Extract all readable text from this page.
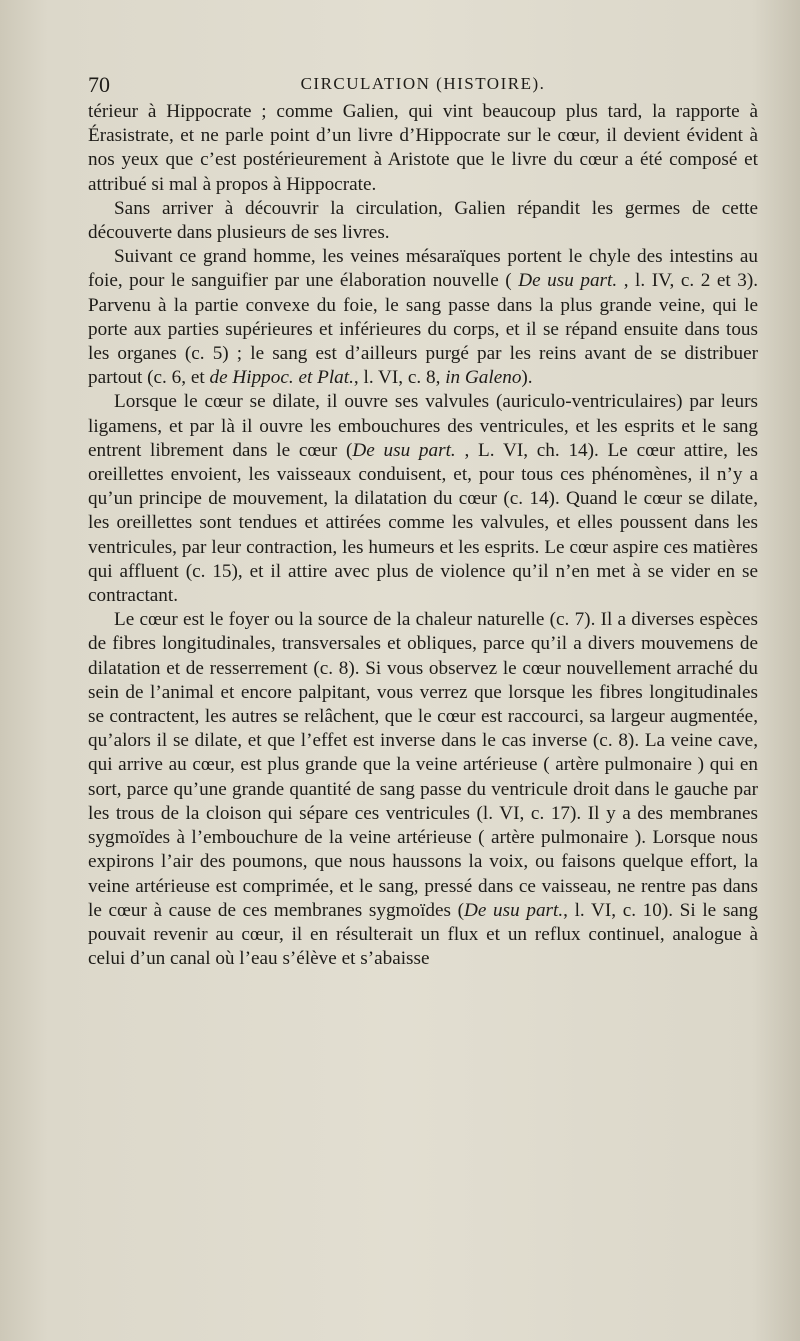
70	CIRCULATION (HISTOIRE).

térieur à Hippocrate ; comme Galien, qui vint beaucoup plus tard, la rapporte à Érasistrate, et ne parle point d’un livre d’Hippocrate sur le cœur, il devient évident à nos yeux que c’est postérieurement à Aristote que le livre du cœur a été composé et attribué si mal à propos à Hippocrate.

Sans arriver à découvrir la circulation, Galien répandit les germes de cette découverte dans plusieurs de ses livres.

Suivant ce grand homme, les veines mésaraïques portent le chyle des intestins au foie, pour le sanguifier par une élaboration nouvelle ( De usu part. , l. IV, c. 2 et 3). Parvenu à la partie convexe du foie, le sang passe dans la plus grande veine, qui le porte aux parties supérieures et inférieures du corps, et il se répand ensuite dans tous les organes (c. 5) ; le sang est d’ailleurs purgé par les reins avant de se distribuer partout (c. 6, et de Hippoc. et Plat., l. VI, c. 8, in Galeno).

Lorsque le cœur se dilate, il ouvre ses valvules (auriculo-ventriculaires) par leurs ligamens, et par là il ouvre les embouchures des ventricules, et les esprits et le sang entrent librement dans le cœur (De usu part. , L. VI, ch. 14). Le cœur attire, les oreillettes envoient, les vaisseaux conduisent, et, pour tous ces phénomènes, il n’y a qu’un principe de mouvement, la dilatation du cœur (c. 14). Quand le cœur se dilate, les oreillettes sont tendues et attirées comme les valvules, et elles poussent dans les ventricules, par leur contraction, les humeurs et les esprits. Le cœur aspire ces matières qui affluent (c. 15), et il attire avec plus de violence qu’il n’en met à se vider en se contractant.

Le cœur est le foyer ou la source de la chaleur naturelle (c. 7). Il a diverses espèces de fibres longitudinales, transversales et obliques, parce qu’il a divers mouvemens de dilatation et de resserrement (c. 8). Si vous observez le cœur nouvellement arraché du sein de l’animal et encore palpitant, vous verrez que lorsque les fibres longitudinales se contractent, les autres se relâchent, que le cœur est raccourci, sa largeur augmentée, qu’alors il se dilate, et que l’effet est inverse dans le cas inverse (c. 8). La veine cave, qui arrive au cœur, est plus grande que la veine artérieuse ( artère pulmonaire ) qui en sort, parce qu’une grande quantité de sang passe du ventricule droit dans le gauche par les trous de la cloison qui sépare ces ventricules (l. VI, c. 17). Il y a des membranes sygmoïdes à l’embouchure de la veine artérieuse ( artère pulmonaire ). Lorsque nous expirons l’air des poumons, que nous haussons la voix, ou faisons quelque effort, la veine artérieuse est comprimée, et le sang, pressé dans ce vaisseau, ne rentre pas dans le cœur à cause de ces membranes sygmoïdes (De usu part., l. VI, c. 10). Si le sang pouvait revenir au cœur, il en résulterait un flux et un reflux continuel, analogue à celui d’un canal où l’eau s’élève et s’abaisse
